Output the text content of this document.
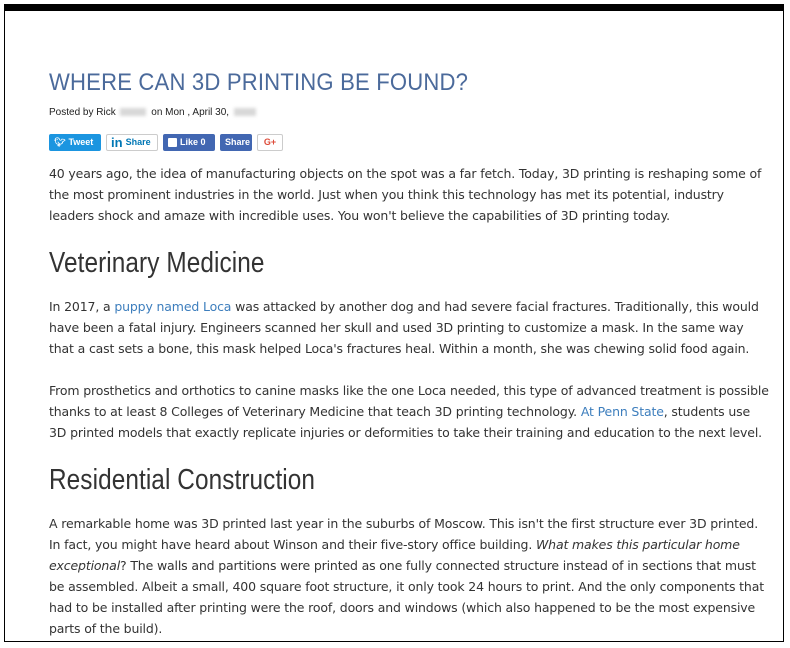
WHERE CAN 3D PRINTING BE FOUND?
Posted by Rick	on Mon , April 30,
🐦︎ Tweet in Share	Like 0 Share G+

40 years ago, the idea of manufacturing objects on the spot was a far fetch. Today, 3D printing is reshaping some of the most prominent industries in the world. Just when you think this technology has met its potential, industry leaders shock and amaze with incredible uses. You won't believe the capabilities of 3D printing today.

Veterinary Medicine

In 2017, a puppy named Loca was attacked by another dog and had severe facial fractures. Traditionally, this would have been a fatal injury. Engineers scanned her skull and used 3D printing to customize a mask. In the same way that a cast sets a bone, this mask helped Loca's fractures heal. Within a month, she was chewing solid food again.

From prosthetics and orthotics to canine masks like the one Loca needed, this type of advanced treatment is possible thanks to at least 8 Colleges of Veterinary Medicine that teach 3D printing technology. At Penn State, students use 3D printed models that exactly replicate injuries or deformities to take their training and education to the next level.

Residential Construction

A remarkable home was 3D printed last year in the suburbs of Moscow. This isn't the first structure ever 3D printed. In fact, you might have heard about Winson and their five-story office building. What makes this particular home exceptional? The walls and partitions were printed as one fully connected structure instead of in sections that must be assembled. Albeit a small, 400 square foot structure, it only took 24 hours to print. And the only components that had to be installed after printing were the roof, doors and windows (which also happened to be the most expensive parts of the build).
